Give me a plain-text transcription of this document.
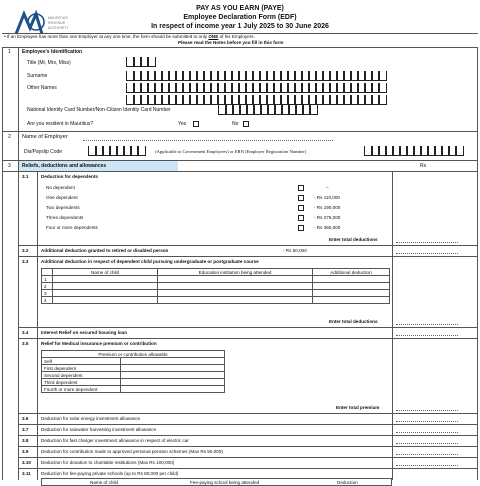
MAURITIUS
REVENUE
AUTHORITY
PAY AS YOU EARN (PAYE)
Employee Declaration Form (EDF)
In respect of income year 1 July 2025 to 30 June 2026
• If an Employee has more than one Employer at any one time, the form should be submitted to only ONE of his Employers.
Please read the Notes before you fill in this form
1 Employee's Identification
Title (Mr, Mrs, Miss)
Surname
Other Names
National Identity Card Number/Non-Citizen Identity Card Number
Are you resident in Mauritius?	Yes	No
2 Name of Employer
Dis/Payslip Code	(Applicable to Government Employees) or ERN (Employer Registration Number)
3 Reliefs, deductions and allowances	Rs
3.1	Deduction for dependents
No dependent	–
One dependent	- Rs 110,000
Two dependents	- Rs 190,000
Three dependents	- Rs 275,000
Four or more dependents	- Rs 355,000
Enter total deductions
3.2	Additional deduction granted to retired or disabled person	- Rs 50,000
3.3	Additional deduction in respect of dependent child pursuing undergraduate or postgraduate course
	Name of child	Education institution being attended	Additional deduction
1			
2			
3			
4			
Enter total deductions
3.4	Interest Relief on secured housing loan
3.5	Relief for Medical insurance premium or contribution
Premium or contribution allowable	
Self	
First dependent	
Second dependent	
Third dependent	
Fourth or more dependent	
Enter total premium
3.6	Deduction for solar energy investment allowance
3.7	Deduction for rainwater harvesting investment allowance
3.8	Deduction for fast charger investment allowance in respect of electric car
3.9	Deduction for contribution made to approved personal pension schemes (Max Rs 50,000)
3.10 Deduction for donation to charitable institutions (Max Rs 100,000)
3.11 Deduction for fee-paying private schools (up to Rs 80,000 per child)
Name of child	Fee-paying school being attended	Deduction
